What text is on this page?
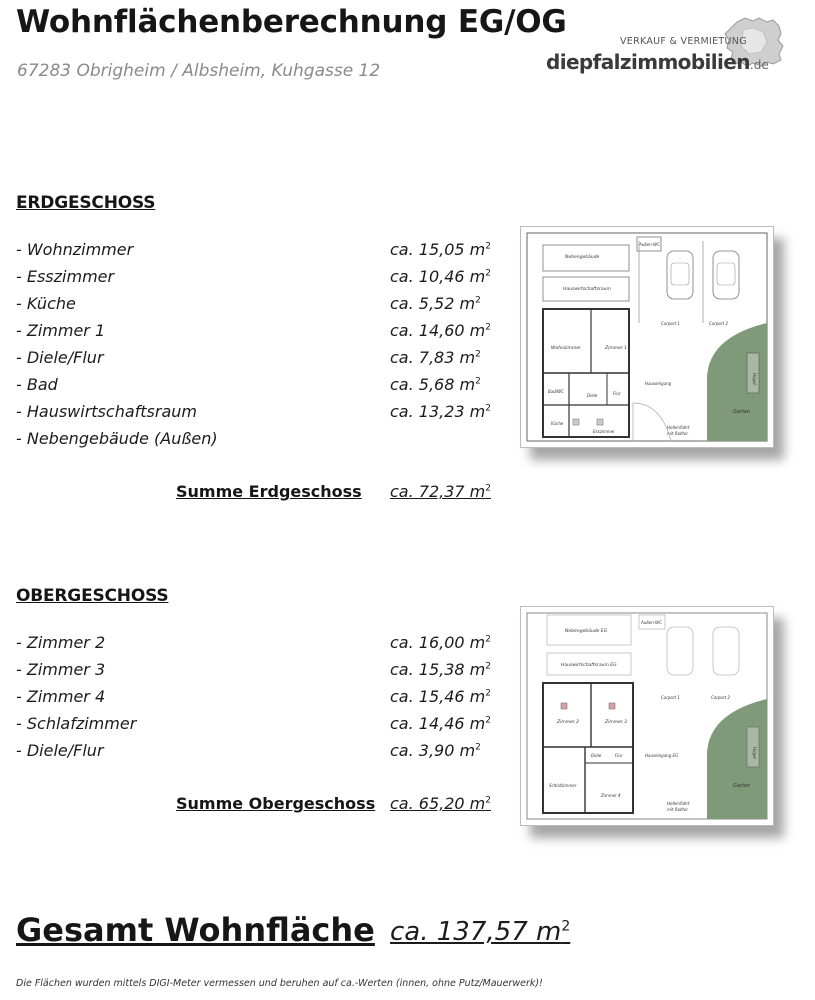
Wohnflächenberechnung EG/OG
67283 Obrigheim / Albsheim, Kuhgasse 12
VERKAUF & VERMIETUNG
diepfalzimmobilien.de
ERDGESCHOSS
- Wohnzimmer	ca. 15,05 $m^2$
- Esszimmer	ca. 10,46 $m^2$
- Küche	ca. 5,52 $m^2$
- Zimmer 1	ca. 14,60 $m^2$
- Diele/Flur	ca. 7,83 $m^2$
- Bad	ca. 5,68 $m^2$
- Hauswirtschaftsraum	ca. 13,23 $m^2$
- Nebengebäude (Außen)
Summe Erdgeschoss ca. 72,37 $m^2$
Hügel
Garten
Nebengebäude
Außen-WC
Hauswirtschaftsraum
Wohnzimmer	Zimmer 1
Bad/WC
Diele	Flur
Küche
Esszimmer
Carport 1	Carport 2
Hauseingang
Hofeinfahrt
mit Rolltor
OBERGESCHOSS
- Zimmer 2	ca. 16,00 $m^2$
- Zimmer 3	ca. 15,38 $m^2$
- Zimmer 4	ca. 15,46 $m^2$
- Schlafzimmer	ca. 14,46 $m^2$
- Diele/Flur	ca. 3,90 $m^2$
Summe Obergeschoss ca. 65,20 $m^2$
Hügel
Garten
Nebengebäude EG
Außen-WC
Hauswirtschaftsraum EG
Zimmer 2	Zimmer 3
Diele	Flur
Schlafzimmer
Zimmer 4
Carport 1	Carport 2
Hauseingang EG
Hofeinfahrt
mit Rolltor
Gesamt Wohnfläche ca. 137,57 $m^2$
Die Flächen wurden mittels DIGI-Meter vermessen und beruhen auf ca.-Werten (innen, ohne Putz/Mauerwerk)!
